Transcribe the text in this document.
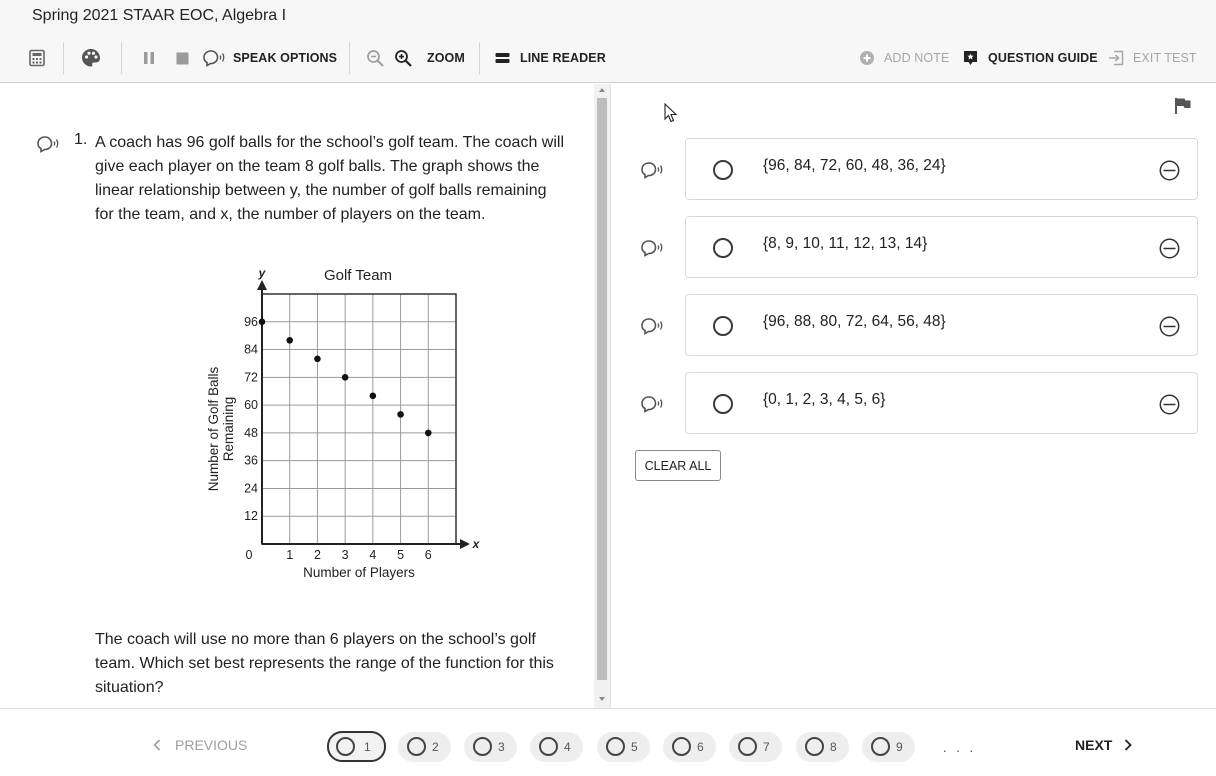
Spring 2021 STAAR EOC, Algebra I
SPEAK OPTIONS	ZOOM	LINE READER	ADD NOTE	QUESTION GUIDE	EXIT TEST
1. A coach has 96 golf balls for the school’s golf team. The coach will
give each player on the team 8 golf balls. The graph shows the
linear relationship between y, the number of golf balls remaining
for the team, and x, the number of players on the team.
Golf Team
Number of Golf BallsRemaining
Number of Players
y
x
1 2 3 4 5 6
12
24
36
48
60
72
84
96
0
The coach will use no more than 6 players on the school’s golf
team. Which set best represents the range of the function for this
situation?
{96, 84, 72, 60, 48, 36, 24}
{8, 9, 10, 11, 12, 13, 14}
{96, 88, 80, 72, 64, 56, 48}
{0, 1, 2, 3, 4, 5, 6}
CLEAR ALL
PREVIOUS	1	2	3	4	5	6	7	8	9	. . .	NEXT
